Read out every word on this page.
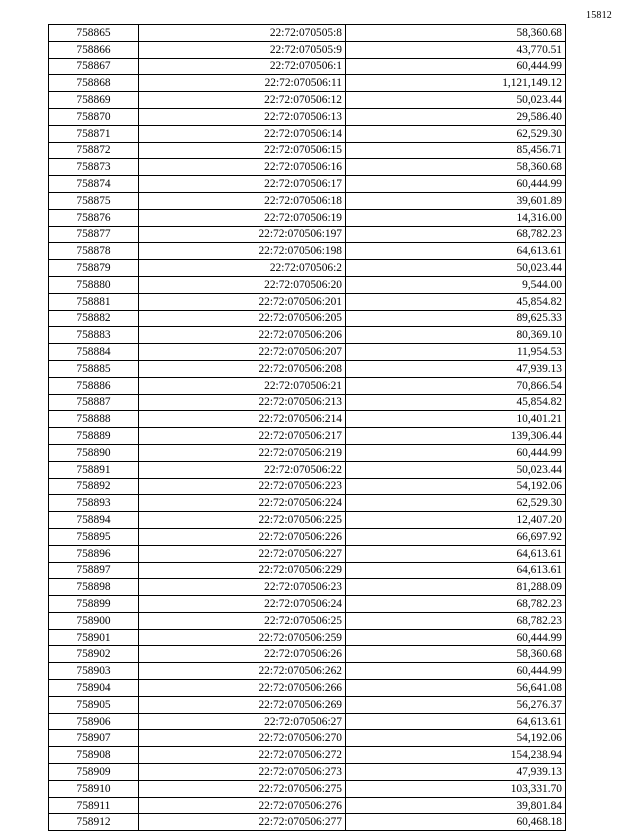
15812
758865	22:72:070505:8	58,360.68
758866	22:72:070505:9	43,770.51
758867	22:72:070506:1	60,444.99
758868	22:72:070506:11	1,121,149.12
758869	22:72:070506:12	50,023.44
758870	22:72:070506:13	29,586.40
758871	22:72:070506:14	62,529.30
758872	22:72:070506:15	85,456.71
758873	22:72:070506:16	58,360.68
758874	22:72:070506:17	60,444.99
758875	22:72:070506:18	39,601.89
758876	22:72:070506:19	14,316.00
758877	22:72:070506:197	68,782.23
758878	22:72:070506:198	64,613.61
758879	22:72:070506:2	50,023.44
758880	22:72:070506:20	9,544.00
758881	22:72:070506:201	45,854.82
758882	22:72:070506:205	89,625.33
758883	22:72:070506:206	80,369.10
758884	22:72:070506:207	11,954.53
758885	22:72:070506:208	47,939.13
758886	22:72:070506:21	70,866.54
758887	22:72:070506:213	45,854.82
758888	22:72:070506:214	10,401.21
758889	22:72:070506:217	139,306.44
758890	22:72:070506:219	60,444.99
758891	22:72:070506:22	50,023.44
758892	22:72:070506:223	54,192.06
758893	22:72:070506:224	62,529.30
758894	22:72:070506:225	12,407.20
758895	22:72:070506:226	66,697.92
758896	22:72:070506:227	64,613.61
758897	22:72:070506:229	64,613.61
758898	22:72:070506:23	81,288.09
758899	22:72:070506:24	68,782.23
758900	22:72:070506:25	68,782.23
758901	22:72:070506:259	60,444.99
758902	22:72:070506:26	58,360.68
758903	22:72:070506:262	60,444.99
758904	22:72:070506:266	56,641.08
758905	22:72:070506:269	56,276.37
758906	22:72:070506:27	64,613.61
758907	22:72:070506:270	54,192.06
758908	22:72:070506:272	154,238.94
758909	22:72:070506:273	47,939.13
758910	22:72:070506:275	103,331.70
758911	22:72:070506:276	39,801.84
758912	22:72:070506:277	60,468.18
